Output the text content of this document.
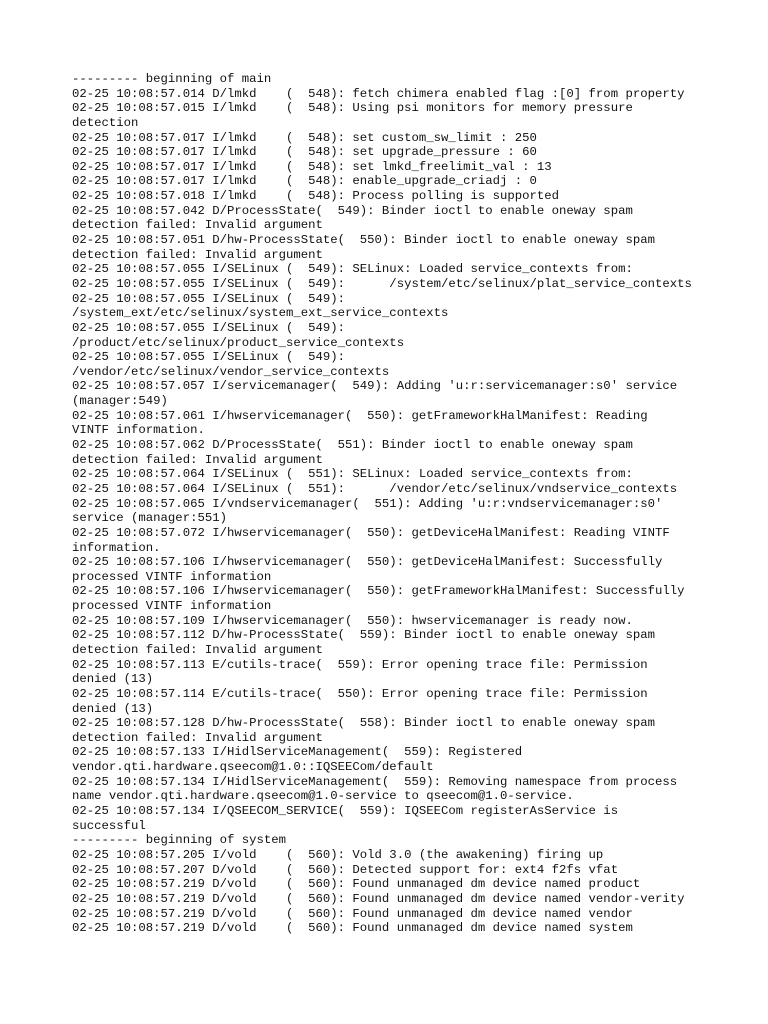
--------- beginning of main
02-25 10:08:57.014 D/lmkd    (  548): fetch chimera enabled flag :[0] from property
02-25 10:08:57.015 I/lmkd    (  548): Using psi monitors for memory pressure
detection
02-25 10:08:57.017 I/lmkd    (  548): set custom_sw_limit : 250
02-25 10:08:57.017 I/lmkd    (  548): set upgrade_pressure : 60
02-25 10:08:57.017 I/lmkd    (  548): set lmkd_freelimit_val : 13
02-25 10:08:57.017 I/lmkd    (  548): enable_upgrade_criadj : 0
02-25 10:08:57.018 I/lmkd    (  548): Process polling is supported
02-25 10:08:57.042 D/ProcessState(  549): Binder ioctl to enable oneway spam
detection failed: Invalid argument
02-25 10:08:57.051 D/hw-ProcessState(  550): Binder ioctl to enable oneway spam
detection failed: Invalid argument
02-25 10:08:57.055 I/SELinux (  549): SELinux: Loaded service_contexts from:
02-25 10:08:57.055 I/SELinux (  549):      /system/etc/selinux/plat_service_contexts
02-25 10:08:57.055 I/SELinux (  549):
/system_ext/etc/selinux/system_ext_service_contexts
02-25 10:08:57.055 I/SELinux (  549):
/product/etc/selinux/product_service_contexts
02-25 10:08:57.055 I/SELinux (  549):
/vendor/etc/selinux/vendor_service_contexts
02-25 10:08:57.057 I/servicemanager(  549): Adding 'u:r:servicemanager:s0' service
(manager:549)
02-25 10:08:57.061 I/hwservicemanager(  550): getFrameworkHalManifest: Reading
VINTF information.
02-25 10:08:57.062 D/ProcessState(  551): Binder ioctl to enable oneway spam
detection failed: Invalid argument
02-25 10:08:57.064 I/SELinux (  551): SELinux: Loaded service_contexts from:
02-25 10:08:57.064 I/SELinux (  551):      /vendor/etc/selinux/vndservice_contexts
02-25 10:08:57.065 I/vndservicemanager(  551): Adding 'u:r:vndservicemanager:s0'
service (manager:551)
02-25 10:08:57.072 I/hwservicemanager(  550): getDeviceHalManifest: Reading VINTF
information.
02-25 10:08:57.106 I/hwservicemanager(  550): getDeviceHalManifest: Successfully
processed VINTF information
02-25 10:08:57.106 I/hwservicemanager(  550): getFrameworkHalManifest: Successfully
processed VINTF information
02-25 10:08:57.109 I/hwservicemanager(  550): hwservicemanager is ready now.
02-25 10:08:57.112 D/hw-ProcessState(  559): Binder ioctl to enable oneway spam
detection failed: Invalid argument
02-25 10:08:57.113 E/cutils-trace(  559): Error opening trace file: Permission
denied (13)
02-25 10:08:57.114 E/cutils-trace(  550): Error opening trace file: Permission
denied (13)
02-25 10:08:57.128 D/hw-ProcessState(  558): Binder ioctl to enable oneway spam
detection failed: Invalid argument
02-25 10:08:57.133 I/HidlServiceManagement(  559): Registered
vendor.qti.hardware.qseecom@1.0::IQSEECom/default
02-25 10:08:57.134 I/HidlServiceManagement(  559): Removing namespace from process
name vendor.qti.hardware.qseecom@1.0-service to qseecom@1.0-service.
02-25 10:08:57.134 I/QSEECOM_SERVICE(  559): IQSEECom registerAsService is
successful
--------- beginning of system
02-25 10:08:57.205 I/vold    (  560): Vold 3.0 (the awakening) firing up
02-25 10:08:57.207 D/vold    (  560): Detected support for: ext4 f2fs vfat
02-25 10:08:57.219 D/vold    (  560): Found unmanaged dm device named product
02-25 10:08:57.219 D/vold    (  560): Found unmanaged dm device named vendor-verity
02-25 10:08:57.219 D/vold    (  560): Found unmanaged dm device named vendor
02-25 10:08:57.219 D/vold    (  560): Found unmanaged dm device named system
